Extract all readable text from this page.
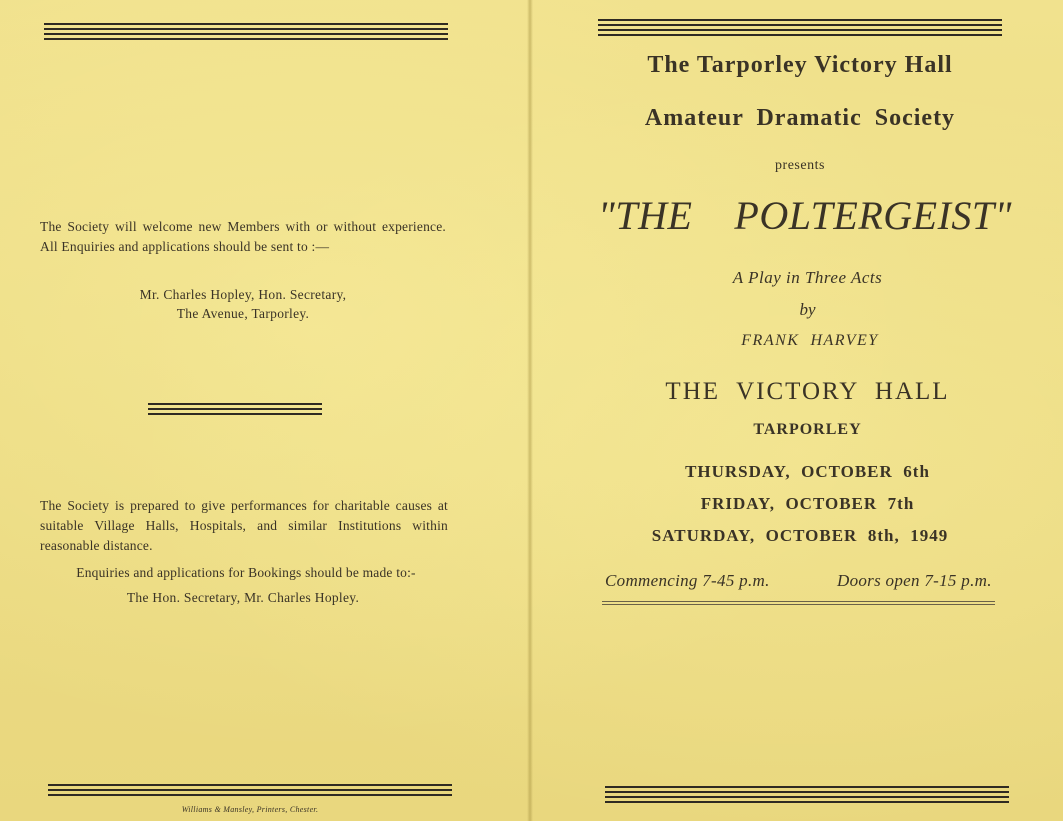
The Society will welcome new Members with or without experience. All Enquiries and applications should be sent to :—
Mr. Charles Hopley, Hon. Secretary,
The Avenue, Tarporley.
The Society is prepared to give performances for charitable causes at suitable Village Halls, Hospitals, and similar Institutions within reasonable distance.
Enquiries and applications for Bookings should be made to:-
The Hon. Secretary, Mr. Charles Hopley.
Williams & Mansley, Printers, Chester.
The Tarporley Victory Hall
Amateur Dramatic Society
presents
"THE    POLTERGEIST"
A Play in Three Acts
by
FRANK  HARVEY
THE  VICTORY  HALL
TARPORLEY
THURSDAY,  OCTOBER  6th
FRIDAY,  OCTOBER  7th
SATURDAY,  OCTOBER  8th,  1949
Commencing 7-45 p.m.	Doors open 7-15 p.m.
